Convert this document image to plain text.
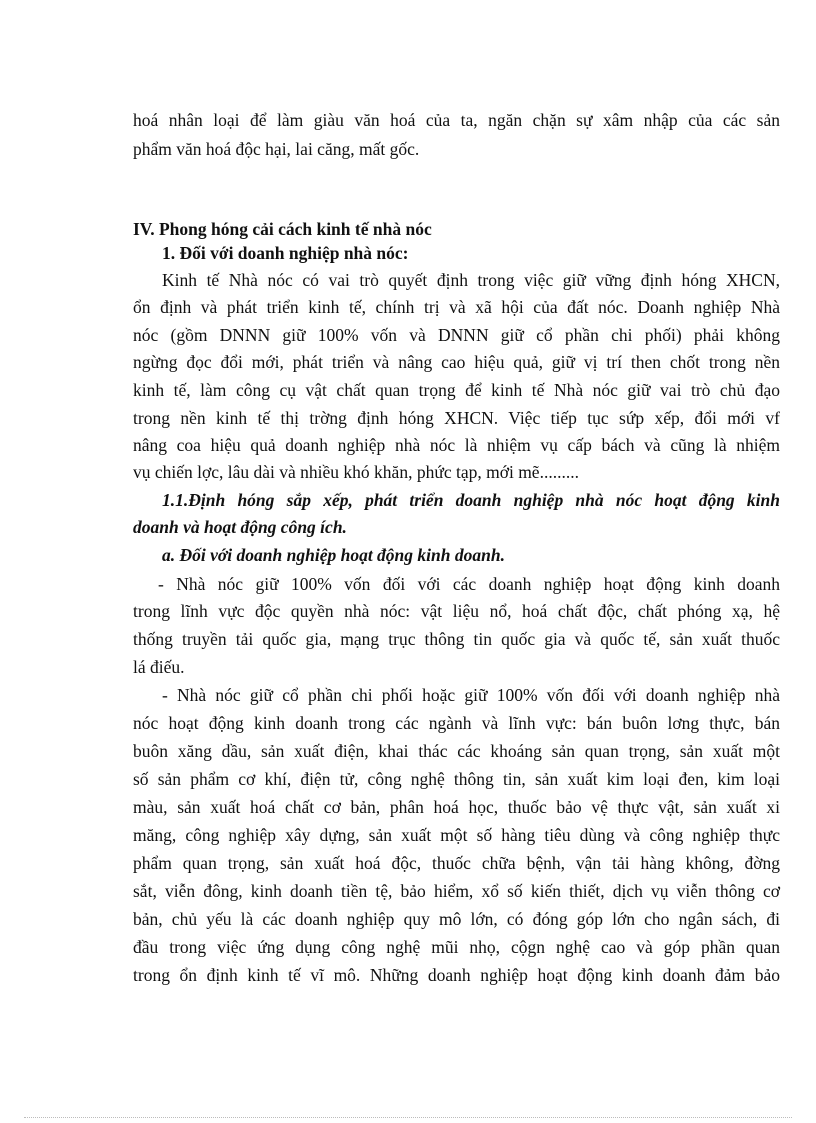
hoá nhân loại để làm giàu văn hoá của ta, ngăn chặn sự xâm nhập của các sản
phẩm văn hoá độc hại, lai căng, mất gốc.
IV. Phong hóng cải cách kinh tế nhà nóc
1. Đối với doanh nghiệp nhà nóc:
Kinh tế Nhà nóc có vai trò quyết định trong việc giữ vững định hóng XHCN,
ổn định và phát triển kinh tế, chính trị và xã hội của đất nóc. Doanh nghiệp Nhà
nóc (gồm DNNN giữ 100% vốn và DNNN giữ cổ phần chi phối) phải không
ngừng đọc đổi mới, phát triển và nâng cao hiệu quả, giữ vị trí then chốt trong nền
kinh tế, làm công cụ vật chất quan trọng để kinh tế Nhà nóc giữ vai trò chủ đạo
trong nền kinh tế thị trờng định hóng XHCN. Việc tiếp tục sứp xếp, đổi mới vf
nâng coa hiệu quả doanh nghiệp nhà nóc là nhiệm vụ cấp bách và cũng là nhiệm
vụ chiến lợc, lâu dài và nhiều khó khăn, phức tạp, mới mẽ.........
1.1.Định hóng sắp xếp, phát triển doanh nghiệp nhà nóc hoạt động kinh
doanh và hoạt động công ích.
a. Đối với doanh nghiệp hoạt động kinh doanh.
- Nhà nóc giữ 100% vốn đối với các doanh nghiệp hoạt động kinh doanh
trong lĩnh vực độc quyền nhà nóc: vật liệu nổ, hoá chất độc, chất phóng xạ, hệ
thống truyền tải quốc gia, mạng trục thông tin quốc gia và quốc tế, sản xuất thuốc
lá điếu.
- Nhà nóc giữ cổ phần chi phối hoặc giữ 100% vốn đối với doanh nghiệp nhà
nóc hoạt động kinh doanh trong các ngành và lĩnh vực: bán buôn lơng thực, bán
buôn xăng dầu, sản xuất điện, khai thác các khoáng sản quan trọng, sản xuất một
số sản phẩm cơ khí, điện tử, công nghệ thông tin, sản xuất kim loại đen, kim loại
màu, sản xuất hoá chất cơ bản, phân hoá học, thuốc bảo vệ thực vật, sản xuất xi
măng, công nghiệp xây dựng, sản xuất một số hàng tiêu dùng và công nghiệp thực
phẩm quan trọng, sản xuất hoá độc, thuốc chữa bệnh, vận tải hàng không, đờng
sắt, viễn đông, kinh doanh tiền tệ, bảo hiểm, xổ số kiến thiết, dịch vụ viễn thông cơ
bản, chủ yếu là các doanh nghiệp quy mô lớn, có đóng góp lớn cho ngân sách, đi
đầu trong việc ứng dụng công nghệ mũi nhọ, cộgn nghệ cao và góp phần quan
trong ổn định kinh tế vĩ mô. Những doanh nghiệp hoạt động kinh doanh đảm bảo
